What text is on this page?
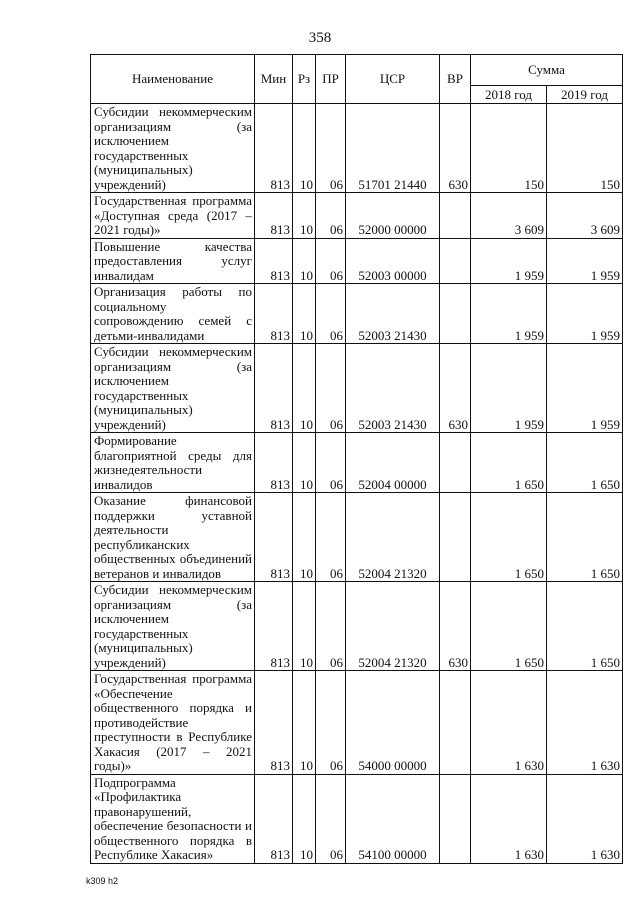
358
Наименование	Мин	Рз	ПР	ЦСР	ВР	Сумма	
						2018 год	2019 год
Субсидии некоммерческим организациям (за исключением государственных (муниципальных) учреждений)	813	10	06	51701 21440	630	150	150
Государственная программа «Доступная среда (2017 – 2021 годы)»	813	10	06	52000 00000		3 609	3 609
Повышение качества предоставления услуг инвалидам	813	10	06	52003 00000		1 959	1 959
Организация работы по социальному сопровождению семей с детьми-инвалидами	813	10	06	52003 21430		1 959	1 959
Субсидии некоммерческим организациям (за исключением государственных (муниципальных) учреждений)	813	10	06	52003 21430	630	1 959	1 959
Формирование благоприятной среды для жизнедеятельности инвалидов	813	10	06	52004 00000		1 650	1 650
Оказание финансовой поддержки уставной деятельности республиканских общественных объединений ветеранов и инвалидов	813	10	06	52004 21320		1 650	1 650
Субсидии некоммерческим организациям (за исключением государственных (муниципальных) учреждений)	813	10	06	52004 21320	630	1 650	1 650
Государственная программа «Обеспечение общественного порядка и противодействие преступности в Республике Хакасия (2017 – 2021 годы)»	813	10	06	54000 00000		1 630	1 630
Подпрограмма «Профилактика правонарушений, обеспечение безопасности и общественного порядка в Республике Хакасия»	813	10	06	54100 00000		1 630	1 630
k309 h2
